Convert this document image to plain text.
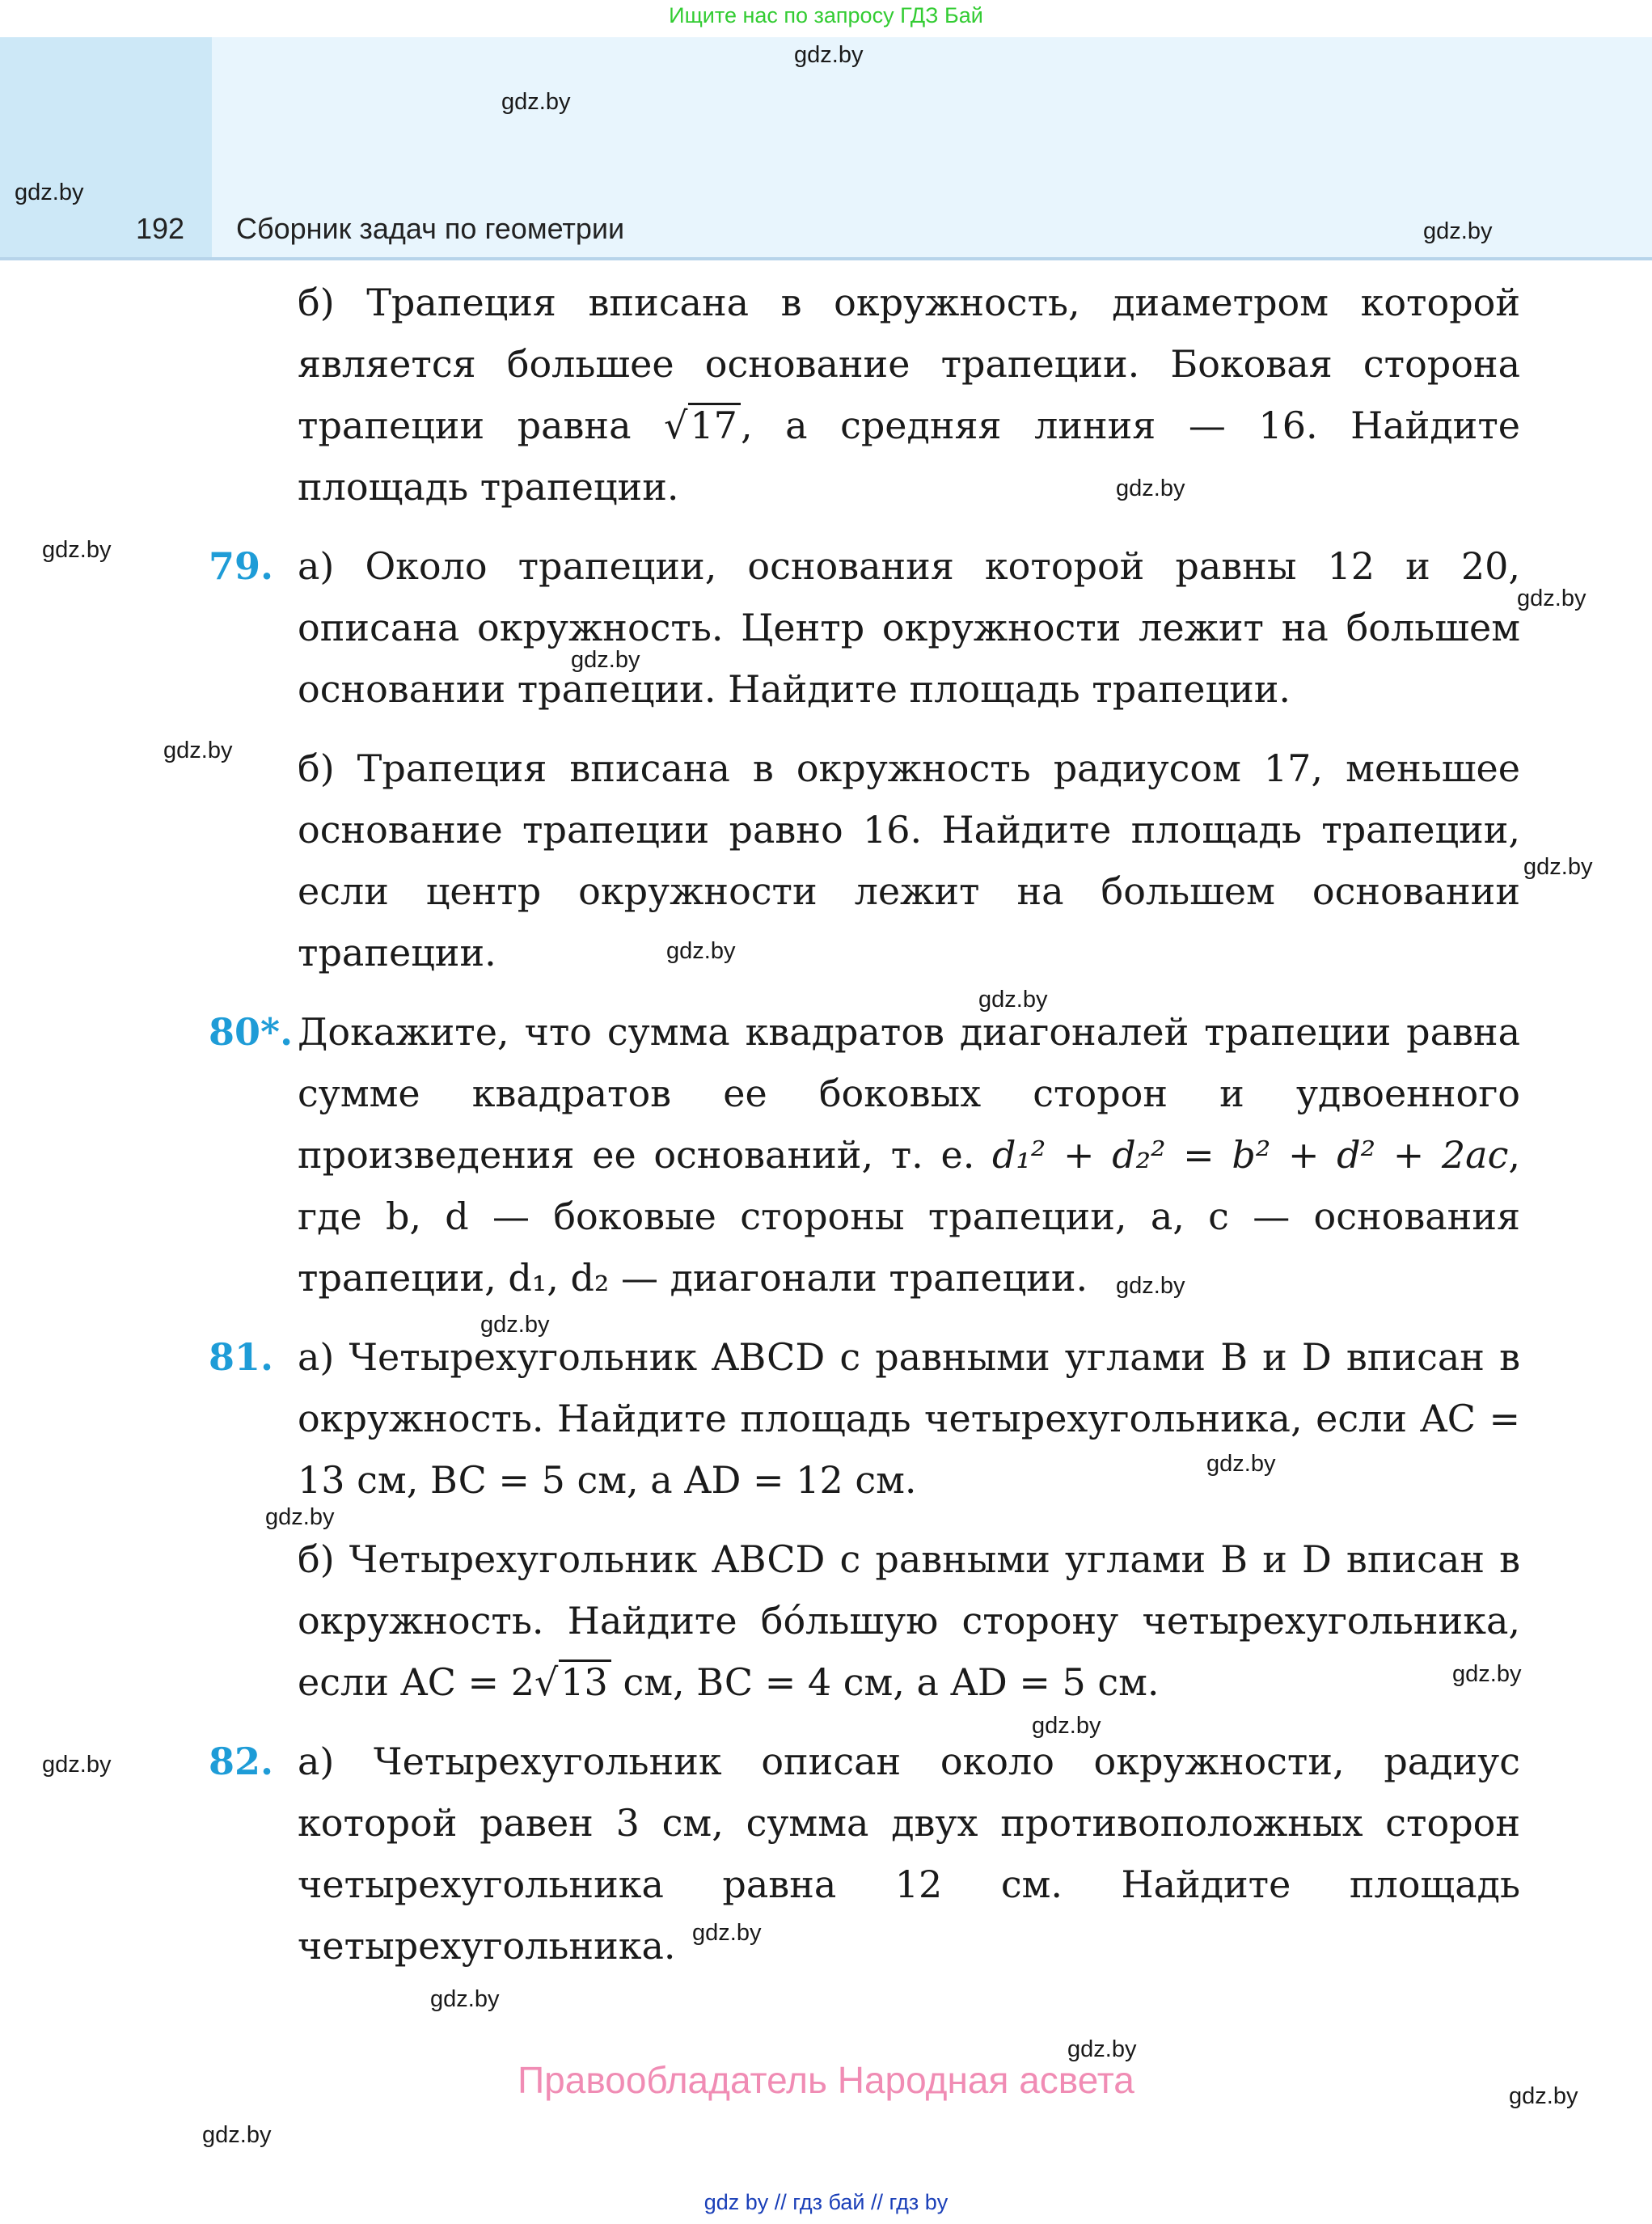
Ищите нас по запросу ГДЗ Бай
192 Сборник задач по геометрии
gdz.by
gdz.by
gdz.by
gdz.by
gdz.by
gdz.by
gdz.by
gdz.by
gdz.by
gdz.by
gdz.by
gdz.by
gdz.by
gdz.by
gdz.by
gdz.by
gdz.by
gdz.by
gdz.by
gdz.by
gdz.by
gdz.by
gdz.by
gdz.by
б) Трапеция вписана в окружность, диаметром которой является большее основание трапеции. Боковая сторона трапеции равна √17, а средняя линия — 16. Найдите площадь трапеции.
79. а) Около трапеции, основания которой равны 12 и 20, описана окружность. Центр окружности лежит на большем основании трапеции. Найдите площадь трапеции.
б) Трапеция вписана в окружность радиусом 17, меньшее основание трапеции равно 16. Найдите площадь трапеции, если центр окружности лежит на большем основании трапеции.
80*. Докажите, что сумма квадратов диагоналей трапеции равна сумме квадратов ее боковых сторон и удвоенного произведения ее оснований, т. е. d₁² + d₂² = b² + d² + 2ac, где b, d — боковые стороны трапеции, a, c — основания трапеции, d₁, d₂ — диагонали трапеции.
81. а) Четырехугольник ABCD с равными углами B и D вписан в окружность. Найдите площадь четырехугольника, если AC = 13 см, BC = 5 см, а AD = 12 см.
б) Четырехугольник ABCD с равными углами B и D вписан в окружность. Найдите бо́льшую сторону четырехугольника, если AC = 2√13 см, BC = 4 см, а AD = 5 см.
82. а) Четырехугольник описан около окружности, радиус которой равен 3 см, сумма двух противоположных сторон четырехугольника равна 12 см. Найдите площадь четырехугольника.
Правообладатель Народная асвета
gdz by // гдз бай // гдз by
